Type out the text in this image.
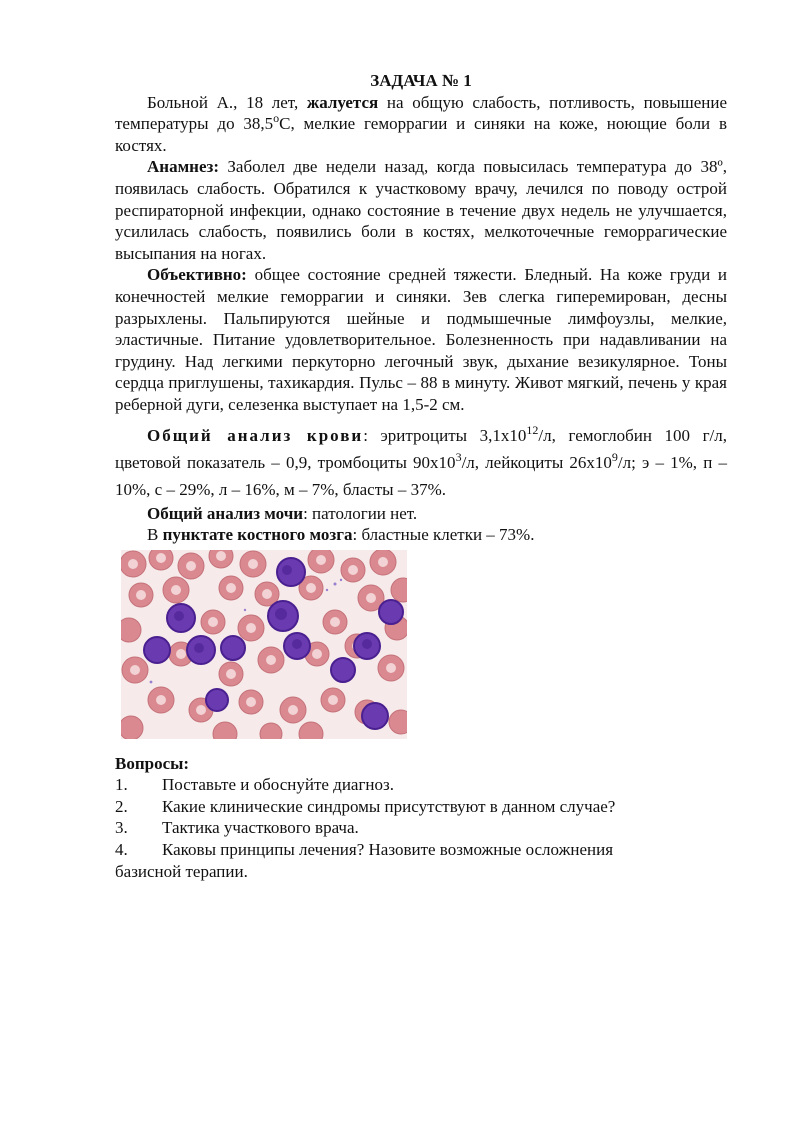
ЗАДАЧА № 1

Больной А., 18 лет, жалуется на общую слабость, потливость, повышение температуры до $38,5^оС$, мелкие геморрагии и синяки на коже, ноющие боли в костях.

Анамнез: Заболел две недели назад, когда повысилась температура до 38º, появилась слабость. Обратился к участковому врачу, лечился по поводу острой респираторной инфекции, однако состояние в течение двух недель не улучшается, усилилась слабость, появились боли в костях, мелкоточечные геморрагические высыпания на ногах.

Объективно: общее состояние средней тяжести. Бледный. На коже груди и конечностей мелкие геморрагии и синяки. Зев слегка гиперемирован, десны разрыхлены. Пальпируются шейные и подмышечные лимфоузлы, мелкие, эластичные. Питание удовлетворительное. Болезненность при надавливании на грудину. Над легкими перкуторно легочный звук, дыхание везикулярное. Тоны сердца приглушены, тахикардия. Пульс – 88 в минуту. Живот мягкий, печень у края реберной дуги, селезенка выступает на 1,5-2 см.

Общий анализ крови: эритроциты $3,1х10^{12}/л$, гемоглобин 100 г/л, цветовой показатель – 0,9, тромбоциты $90х10^3/л$, лейкоциты $26х10^9/л$; э – 1%, п – 10%, с – 29%, л – 16%, м – 7%, бласты – 37%.

Общий анализ мочи: патологии нет.

В пунктате костного мозга: бластные клетки – 73%.

Вопросы:

1.	Поставьте и обоснуйте диагноз.
2.	Какие клинические синдромы присутствуют в данном случае?
3.	Тактика участкового врача.
4.	Каковы принципы лечения? Назовите возможные осложнения

базисной терапии.
